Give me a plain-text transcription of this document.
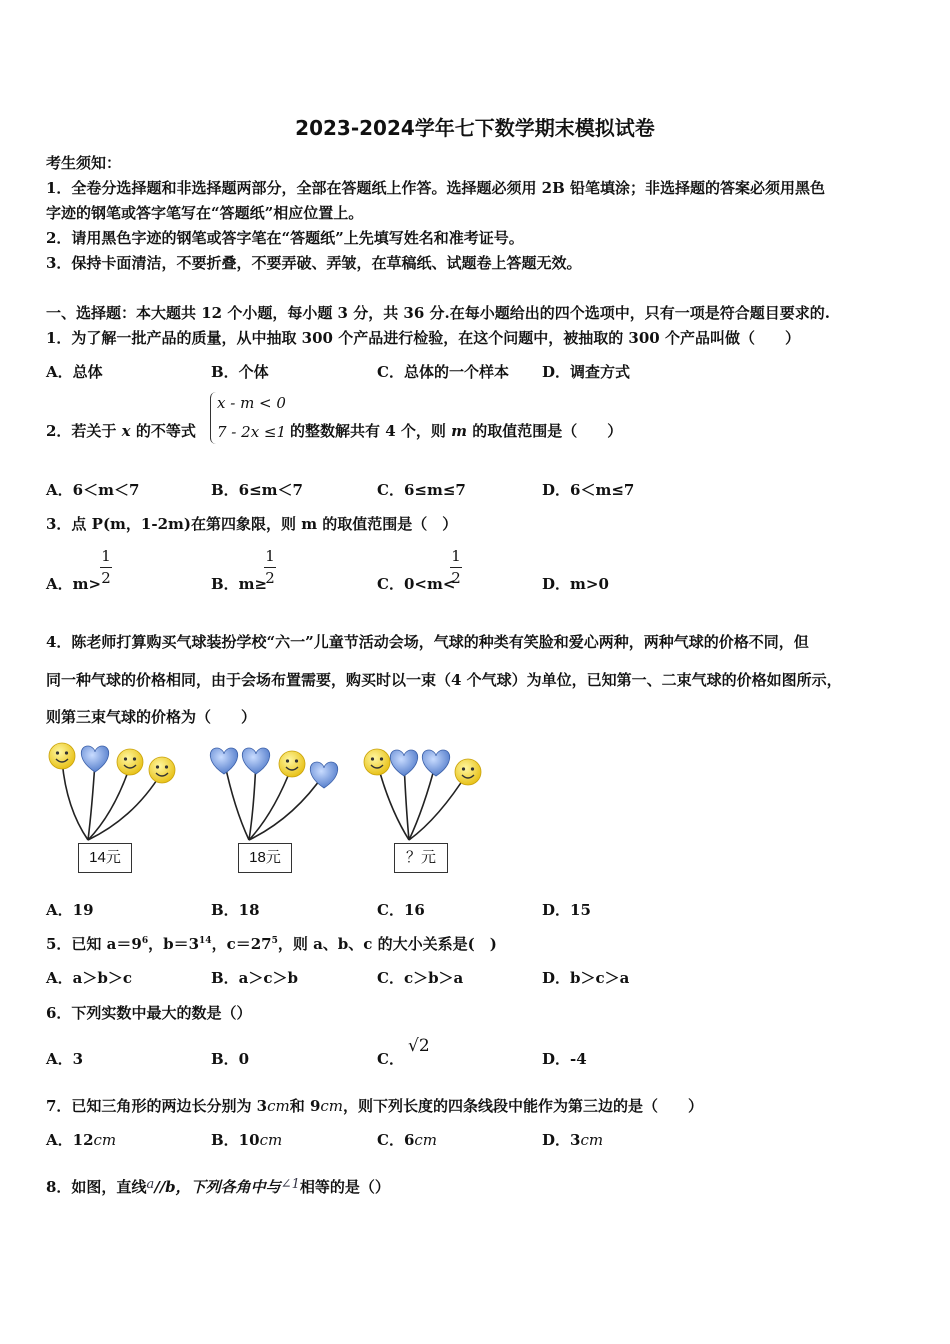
2023-2024学年七下数学期末模拟试卷
考生须知：
1．全卷分选择题和非选择题两部分，全部在答题纸上作答。选择题必须用 2B 铅笔填涂；非选择题的答案必须用黑色
字迹的钢笔或答字笔写在“答题纸”相应位置上。
2．请用黑色字迹的钢笔或答字笔在“答题纸”上先填写姓名和准考证号。
3．保持卡面清洁，不要折叠，不要弄破、弄皱，在草稿纸、试题卷上答题无效。
一、选择题：本大题共 12 个小题，每小题 3 分，共 36 分.在每小题给出的四个选项中，只有一项是符合题目要求的.
1．为了解一批产品的质量，从中抽取 300 个产品进行检验，在这个问题中，被抽取的 300 个产品叫做（　　）
A．总体	B．个体	C．总体的一个样本 D．调查方式
2．若关于 x 的不等式
x - m < 0
7 - 2x ≤1 的整数解共有 4 个，则 m 的取值范围是（　　）
A．6＜m＜7	B．6≤m＜7	C．6≤m≤7	D．6＜m≤7
3．点 P(m，1-2m)在第四象限，则 m 的取值范围是（　）
A．m>
1
2	B．m≥
1
2	C．0<m<
1
2	D．m>0
4．陈老师打算购买气球装扮学校“六一”儿童节活动会场，气球的种类有笑脸和爱心两种，两种气球的价格不同，但
同一种气球的价格相同，由于会场布置需要，购买时以一束（4 个气球）为单位，已知第一、二束气球的价格如图所示，
则第三束气球的价格为（　　）
14元	18元	？元
A．19	B．18	C．16	D．15
5．已知 $a=9^6$，$b=3^{14}$，$c=27^5$，则 a、b、c 的大小关系是(　)
A．a＞b＞c	B．a＞c＞b	C．c＞b＞a	D．b＞c＞a
6．下列实数中最大的数是（）
A．3	B．0	C．
√2
D．-4
7．已知三角形的两边长分别为 3cm和 9cm，则下列长度的四条线段中能作为第三边的是（　　）
A．12cm	B．10cm	C．6cm	D．3cm
8．如图，直线a//b，下列各角中与∠1相等的是（）
